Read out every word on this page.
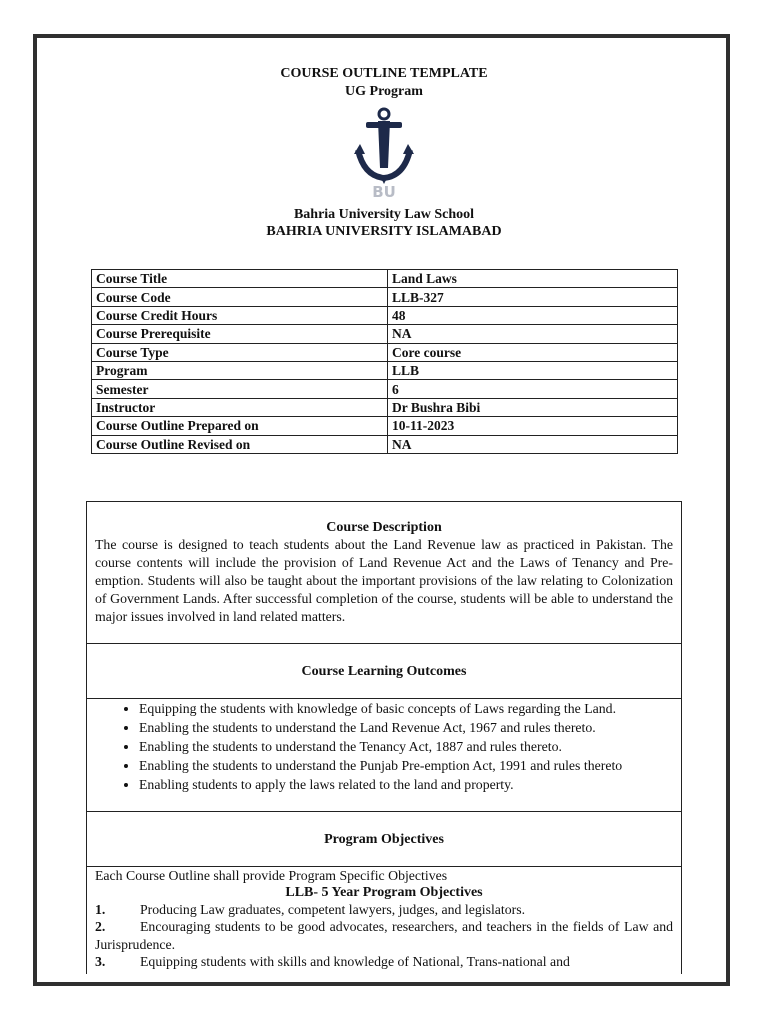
COURSE OUTLINE TEMPLATE
UG Program
BU
Bahria University Law School
BAHRIA UNIVERSITY ISLAMABAD
Course Title	Land Laws
Course Code	LLB-327
Course Credit Hours	48
Course Prerequisite	NA
Course Type	Core course
Program	LLB
Semester	6
Instructor	Dr Bushra Bibi
Course Outline Prepared on	10-11-2023
Course Outline Revised on	NA
Course Description
The course is designed to teach students about the Land Revenue law as practiced in Pakistan. The course contents will include the provision of Land Revenue Act and the Laws of Tenancy and Pre-emption. Students will also be taught about the important provisions of the law relating to Colonization of Government Lands. After successful completion of the course, students will be able to understand the major issues involved in land related matters.
Course Learning Outcomes
• Equipping the students with knowledge of basic concepts of Laws regarding the Land.
• Enabling the students to understand the Land Revenue Act, 1967 and rules thereto.
• Enabling the students to understand the Tenancy Act, 1887 and rules thereto.
• Enabling the students to understand the Punjab Pre-emption Act, 1991 and rules thereto
• Enabling students to apply the laws related to the land and property.
Program Objectives
Each Course Outline shall provide Program Specific Objectives
LLB- 5 Year Program Objectives
1.	Producing Law graduates, competent lawyers, judges, and legislators.
2.	Encouraging students to be good advocates, researchers, and teachers in the fields of Law and Jurisprudence.
3.	Equipping students with skills and knowledge of National, Trans-national and
